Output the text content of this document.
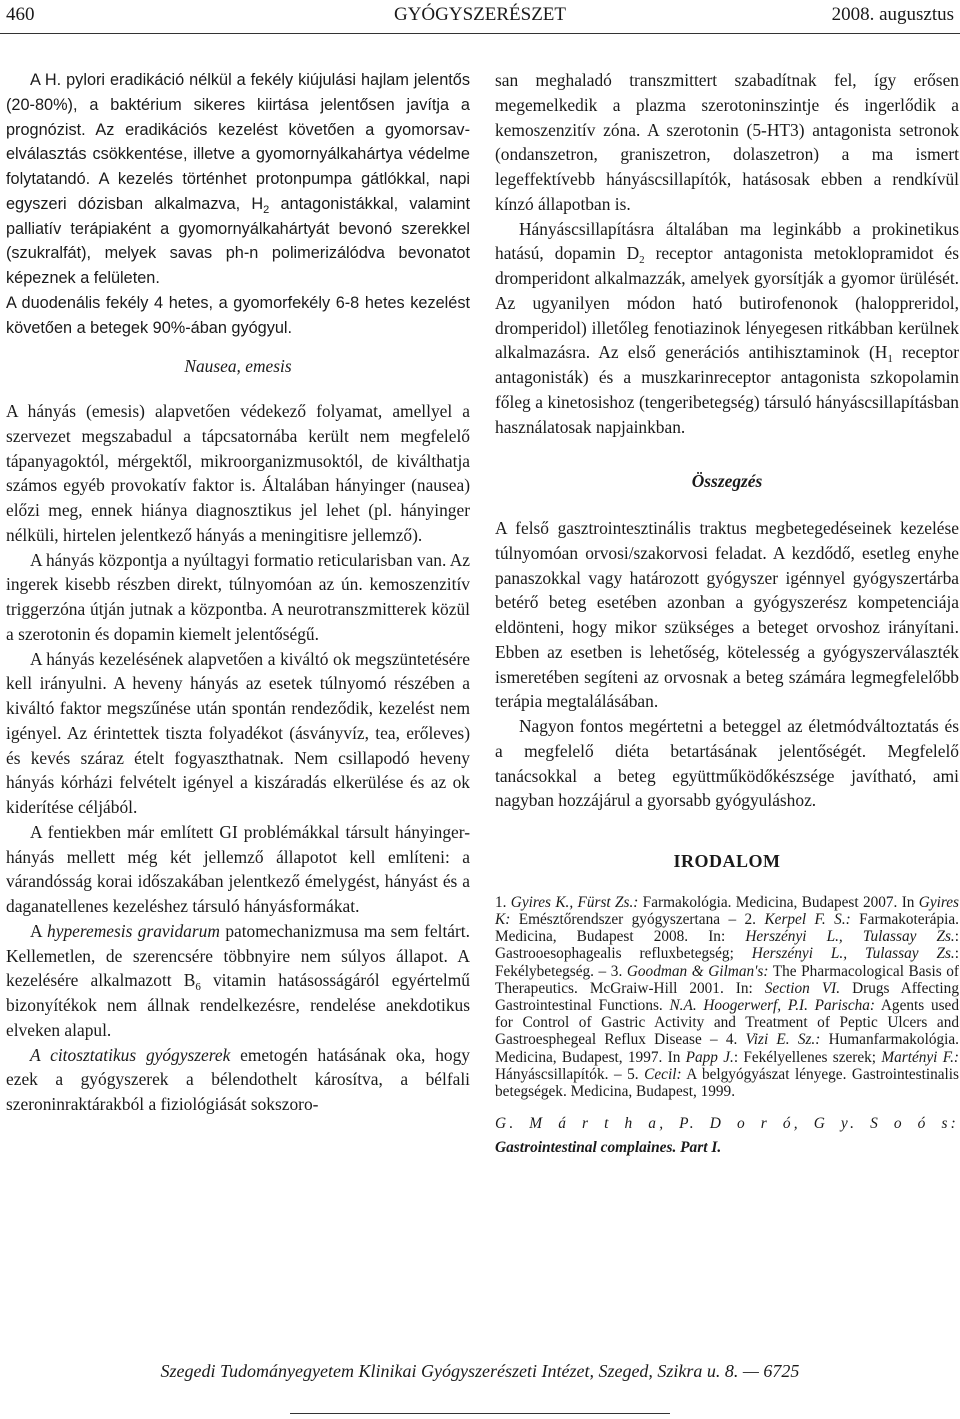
460	GYÓGYSZERÉSZET	2008. augusztus

A H. pylori eradikáció nélkül a fekély kiújulási hajlam jelentős (20-80%), a baktérium sikeres kiirtása jelentősen javítja a prognózist. Az eradikációs kezelést követően a gyomorsav-elválasztás csökkentése, illetve a gyomornyálkahártya védelme folytatandó. A kezelés történhet protonpumpa gátlókkal, napi egyszeri dózisban alkalmazva, $H_2$ antagonistákkal, valamint palliatív terápiaként a gyomornyálkahártyát bevonó szerekkel (szukralfát), melyek savas ph-n polimerizálódva bevonatot képeznek a felületen.

A duodenális fekély 4 hetes, a gyomorfekély 6-8 hetes kezelést követően a betegek 90%-ában gyógyul.

Nausea, emesis

A hányás (emesis) alapvetően védekező folyamat, amellyel a szervezet megszabadul a tápcsatornába került nem megfelelő tápanyagoktól, mérgektől, mikroorganizmusoktól, de kiválthatja számos egyéb provokatív faktor is. Általában hányinger (nausea) előzi meg, ennek hiánya diagnosztikus jel lehet (pl. hányinger nélküli, hirtelen jelentkező hányás a meningitisre jellemző).

A hányás központja a nyúltagyi formatio reticularisban van. Az ingerek kisebb részben direkt, túlnyomóan az ún. kemoszenzitív triggerzóna útján jutnak a központba. A neurotranszmitterek közül a szerotonin és dopamin kiemelt jelentőségű.

A hányás kezelésének alapvetően a kiváltó ok megszüntetésére kell irányulni. A heveny hányás az esetek túlnyomó részében a kiváltó faktor megszűnése után spontán rendeződik, kezelést nem igényel. Az érintettek tiszta folyadékot (ásványvíz, tea, erőleves) és kevés száraz ételt fogyaszthatnak. Nem csillapodó heveny hányás kórházi felvételt igényel a kiszáradás elkerülése és az ok kiderítése céljából.

A fentiekben már említett GI problémákkal társult hányinger-hányás mellett még két jellemző állapotot kell említeni: a várandósság korai időszakában jelentkező émelygést, hányást és a daganatellenes kezeléshez társuló hányásformákat.

A hyperemesis gravidarum patomechanizmusa ma sem feltárt. Kellemetlen, de szerencsére többnyire nem súlyos állapot. A kezelésére alkalmazott $B_6$ vitamin hatásosságáról egyértelmű bizonyítékok nem állnak rendelkezésre, rendelése anekdotikus elveken alapul.

A citosztatikus gyógyszerek emetogén hatásának oka, hogy ezek a gyógyszerek a bélendothelt károsítva, a bélfali szeroninraktárakból a fiziológiását sokszoro-

san meghaladó transzmittert szabadítnak fel, így erősen megemelkedik a plazma szerotoninszintje és ingerlődik a kemoszenzitív zóna. A szerotonin (5-HT3) antagonista setronok (ondanszetron, graniszetron, dolaszetron) a ma ismert legeffektívebb hányáscsillapítók, hatásosak ebben a rendkívül kínzó állapotban is.

Hányáscsillapításra általában ma leginkább a prokinetikus hatású, dopamin $D_2$ receptor antagonista metoklopramidot és dromperidont alkalmazzák, amelyek gyorsítják a gyomor ürülését. Az ugyanilyen módon ható butirofenonok (haloppreridol, dromperidol) illetőleg fenotiazinok lényegesen ritkábban kerülnek alkalmazásra. Az első generációs antihisztaminok ($H_1$ receptor antagonisták) és a muszkarinreceptor antagonista szkopolamin főleg a kinetosishoz (tengeribetegség) társuló hányáscsillapításban használatosak napjainkban.

Összegzés

A felső gasztrointesztinális traktus megbetegedéseinek kezelése túlnyomóan orvosi/szakorvosi feladat. A kezdődő, esetleg enyhe panaszokkal vagy határozott gyógyszer igénnyel gyógyszertárba betérő beteg esetében azonban a gyógyszerész kompetenciája eldönteni, hogy mikor szükséges a beteget orvoshoz irányítani. Ebben az esetben is lehetőség, kötelesség a gyógyszerválaszték ismeretében segíteni az orvosnak a beteg számára legmegfelelőbb terápia megtalálásában.

Nagyon fontos megértetni a beteggel az életmódváltoztatás és a megfelelő diéta betartásának jelentőségét. Megfelelő tanácsokkal a beteg együttműködőkészsége javítható, ami nagyban hozzájárul a gyorsabb gyógyuláshoz.

IRODALOM

1. Gyires K., Fürst Zs.: Farmakológia. Medicina, Budapest 2007. In Gyires K: Emésztőrendszer gyógyszertana – 2. Kerpel F. S.: Farmakoterápia. Medicina, Budapest 2008. In: Herszényi L., Tulassay Zs.: Gastrooesophagealis refluxbetegség; Herszényi L., Tulassay Zs.: Fekélybetegség. – 3. Goodman & Gilman's: The Pharmacological Basis of Therapeutics. McGraiw-Hill 2001. In: Section VI. Drugs Affecting Gastrointestinal Functions. N.A. Hoogerwerf, P.I. Parischa: Agents used for Control of Gastric Activity and Treatment of Peptic Ulcers and Gastroesphegeal Reflux Disease – 4. Vizi E. Sz.: Humanfarmakológia. Medicina, Budapest, 1997. In Papp J.: Fekélyellenes szerek; Martényi F.: Hányáscsillapítók. – 5. Cecil: A belgyógyászat lényege. Gastrointestinalis betegségek. Medicina, Budapest, 1999.

G. M á r t h a, P. D o r ó, G y. S o ó s: Gastrointestinal complaines. Part I.

Szegedi Tudományegyetem Klinikai Gyógyszerészeti Intézet, Szeged, Szikra u. 8. — 6725
